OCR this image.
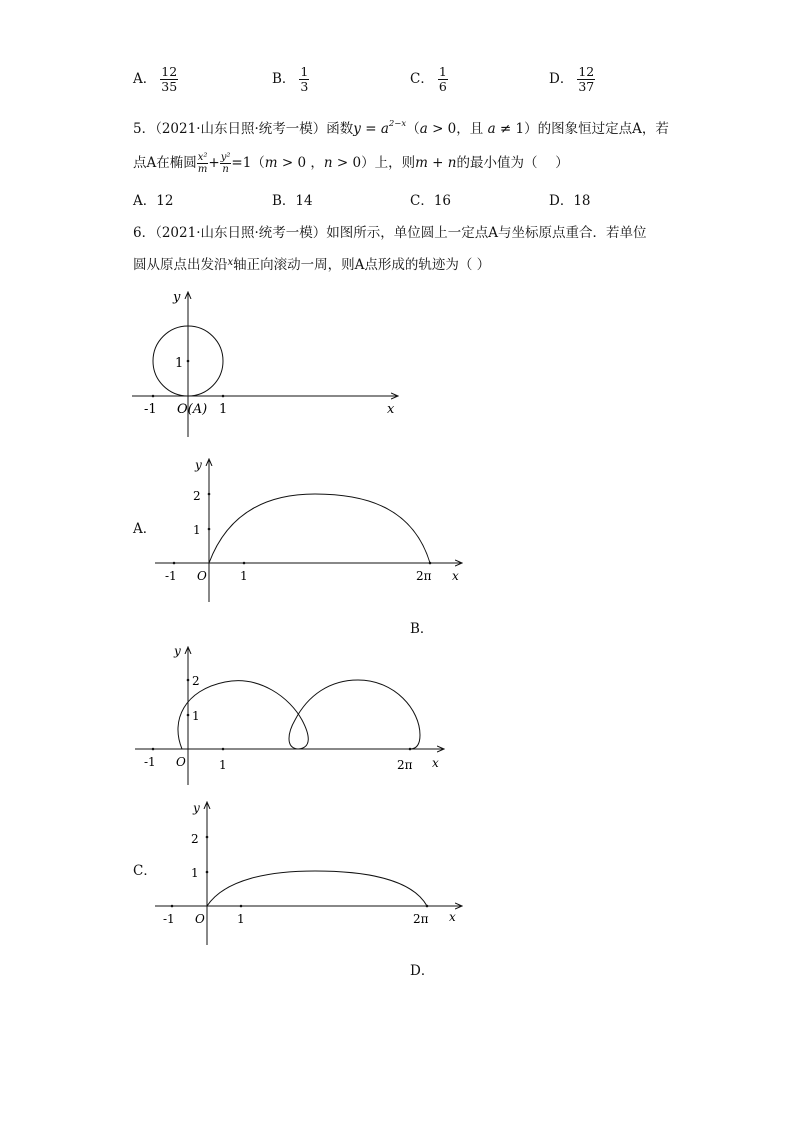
A． $\frac{12}{35}$	B． $\frac{1}{3}$	C． $\frac{1}{6}$	D． $\frac{12}{37}$
5．（2021·山东日照·统考一模）函数$y = a^{2-x}(a > 0$，且 a ≠ 1）的图象恒过定点A，若
点A在椭圆 $\frac{\text{x²}}{m} + \frac{\text{y²}}{n} =1(m > 0$ ，n > 0）上，则m + n的最小值为（　 ）
A．12	B．14	C．16	D．18
6．（2021·山东日照·统考一模）如图所示，单位圆上一定点A与坐标原点重合．若单位
圆从原点出发沿$^x$轴正向滚动一周，则A点形成的轨迹为（ ）
y
1
-1 O(A) 1	x
A．
y
2
1
-1 O	1	2π x
B．
y
2
1
-1 O	1	2π x
C．
y
2
1
-1 O	1	2π x
D．
